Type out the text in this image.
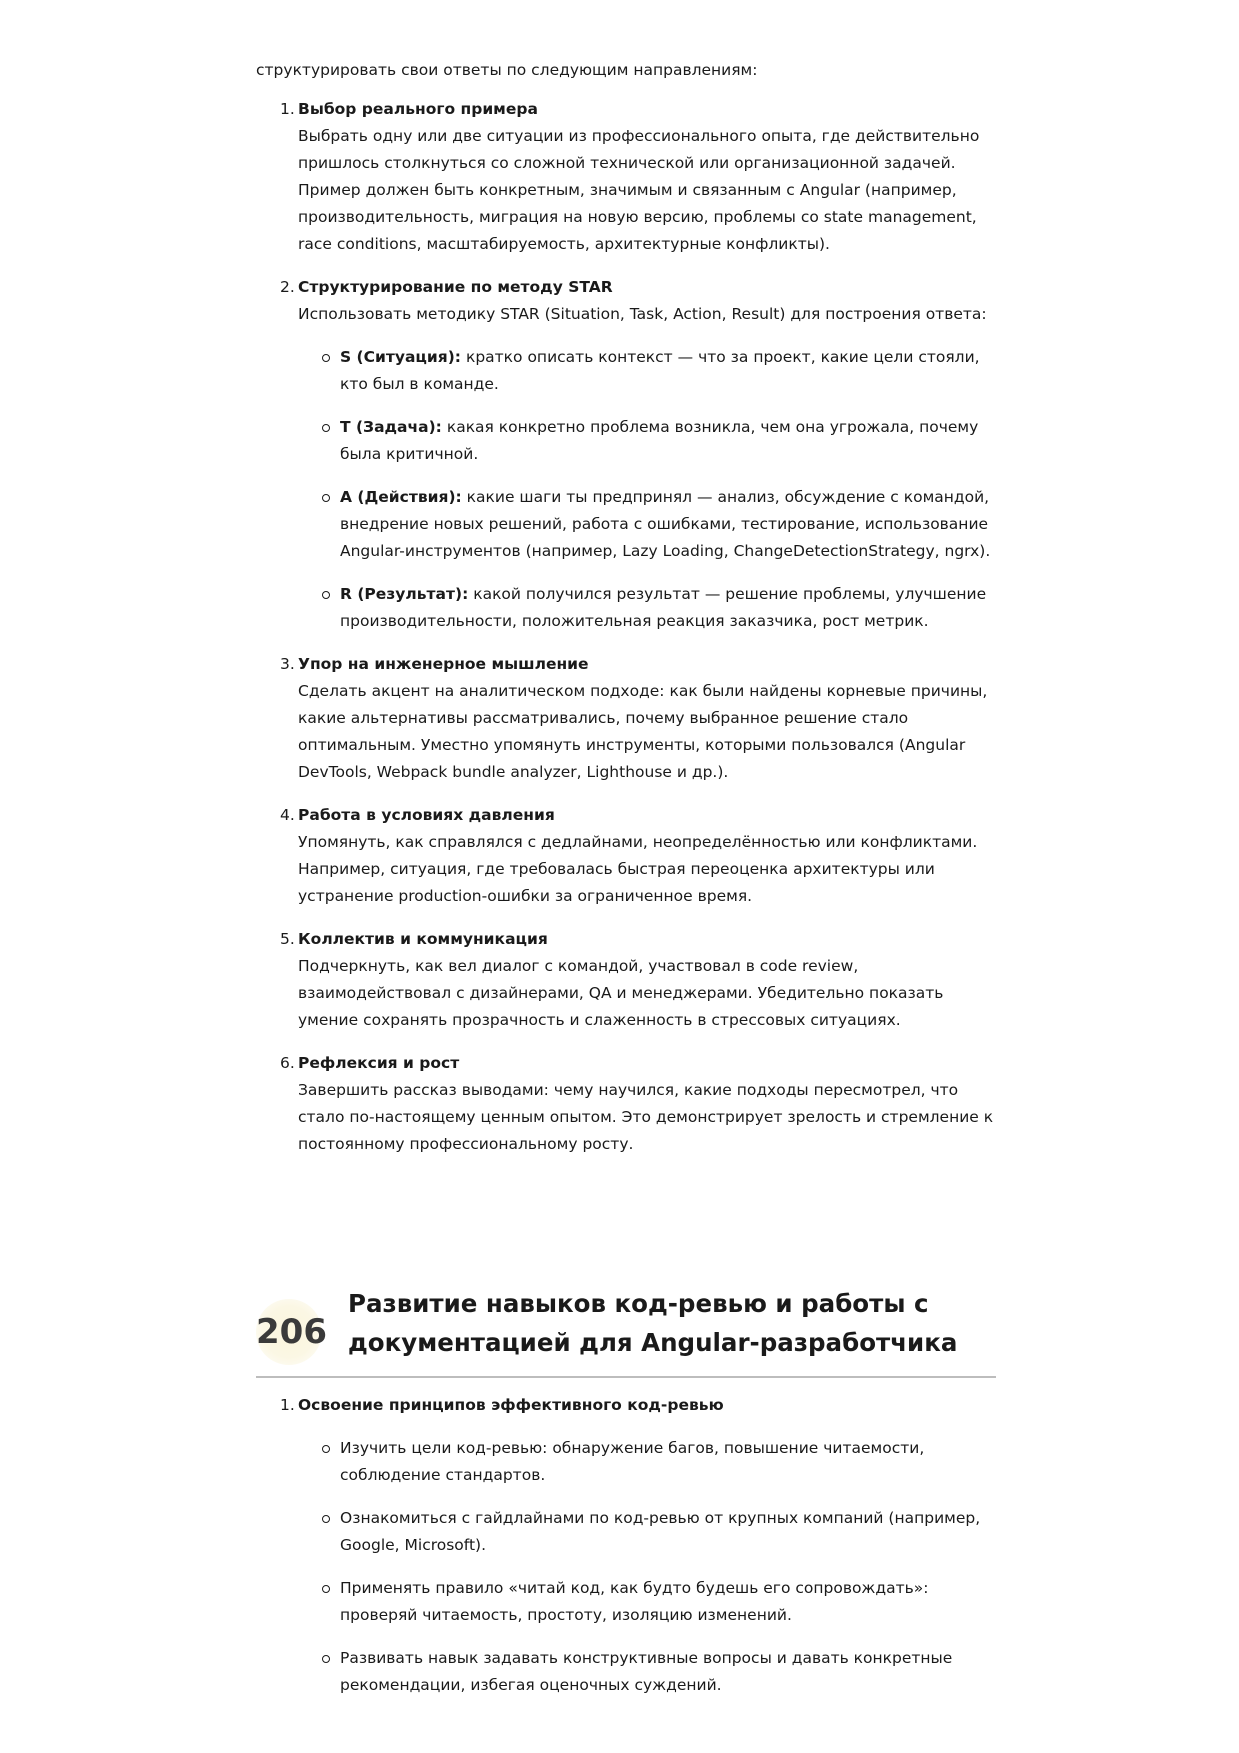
структурировать свои ответы по следующим направлениям:

1. Выбор реального примера
Выбрать одну или две ситуации из профессионального опыта, где действительно пришлось столкнуться со сложной технической или организационной задачей. Пример должен быть конкретным, значимым и связанным с Angular (например, производительность, миграция на новую версию, проблемы со state management, race conditions, масштабируемость, архитектурные конфликты).
2. Структурирование по методу STAR
Использовать методику STAR (Situation, Task, Action, Result) для построения ответа:
S (Ситуация): кратко описать контекст — что за проект, какие цели стояли, кто был в команде.
T (Задача): какая конкретно проблема возникла, чем она угрожала, почему была критичной.
A (Действия): какие шаги ты предпринял — анализ, обсуждение с командой, внедрение новых решений, работа с ошибками, тестирование, использование Angular-инструментов (например, Lazy Loading, ChangeDetectionStrategy, ngrx).
R (Результат): какой получился результат — решение проблемы, улучшение производительности, положительная реакция заказчика, рост метрик.
3. Упор на инженерное мышление
Сделать акцент на аналитическом подходе: как были найдены корневые причины, какие альтернативы рассматривались, почему выбранное решение стало оптимальным. Уместно упомянуть инструменты, которыми пользовался (Angular DevTools, Webpack bundle analyzer, Lighthouse и др.).
4. Работа в условиях давления
Упомянуть, как справлялся с дедлайнами, неопределённостью или конфликтами. Например, ситуация, где требовалась быстрая переоценка архитектуры или устранение production-ошибки за ограниченное время.
5. Коллектив и коммуникация
Подчеркнуть, как вел диалог с командой, участвовал в code review, взаимодействовал с дизайнерами, QA и менеджерами. Убедительно показать умение сохранять прозрачность и слаженность в стрессовых ситуациях.
6. Рефлексия и рост
Завершить рассказ выводами: чему научился, какие подходы пересмотрел, что стало по-настоящему ценным опытом. Это демонстрирует зрелость и стремление к постоянному профессиональному росту.
206
Развитие навыков код-ревью и работы с документацией для Angular-разработчика
1. Освоение принципов эффективного код-ревью
Изучить цели код-ревью: обнаружение багов, повышение читаемости, соблюдение стандартов.
Ознакомиться с гайдлайнами по код-ревью от крупных компаний (например, Google, Microsoft).
Применять правило «читай код, как будто будешь его сопровождать»: проверяй читаемость, простоту, изоляцию изменений.
Развивать навык задавать конструктивные вопросы и давать конкретные рекомендации, избегая оценочных суждений.
